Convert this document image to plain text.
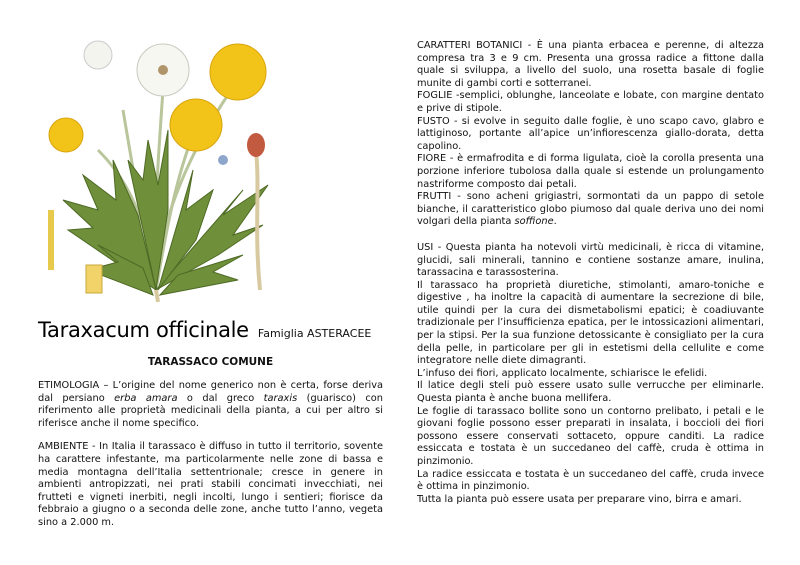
Taraxacum officinale Famiglia ASTERACEE
TARASSACO COMUNE

ETIMOLOGIA – L’origine del nome generico non è certa, forse deriva dal persiano erba amara o dal greco taraxis (guarisco) con riferimento alle proprietà medicinali della pianta, a cui per altro si riferisce anche il nome specifico.

AMBIENTE - In Italia il tarassaco è diffuso in tutto il territorio, sovente ha carattere infestante, ma particolarmente nelle zone di bassa e media montagna dell’Italia settentrionale; cresce in genere in ambienti antropizzati, nei prati stabili concimati invecchiati, nei frutteti e vigneti inerbiti, negli incolti, lungo i sentieri; fiorisce da febbraio a giugno o a seconda delle zone, anche tutto l’anno, vegeta sino a 2.000 m.

CARATTERI BOTANICI - È una pianta erbacea e perenne, di altezza compresa tra 3 e 9 cm. Presenta una grossa radice a fittone dalla quale si sviluppa, a livello del suolo, una rosetta basale di foglie munite di gambi corti e sotterranei.

FOGLIE -semplici, oblunghe, lanceolate e lobate, con margine dentato e prive di stipole.

FUSTO - si evolve in seguito dalle foglie, è uno scapo cavo, glabro e lattiginoso, portante all’apice un’infiorescenza giallo-dorata, detta capolino.

FIORE - è ermafrodita e di forma ligulata, cioè la corolla presenta una porzione inferiore tubolosa dalla quale si estende un prolungamento nastriforme composto dai petali.

FRUTTI - sono acheni grigiastri, sormontati da un pappo di setole bianche, il caratteristico globo piumoso dal quale deriva uno dei nomi volgari della pianta soffione.

USI - Questa pianta ha notevoli virtù medicinali, è ricca di vitamine, glucidi, sali minerali, tannino e contiene sostanze amare, inulina, tarassacina e tarassosterina.

Il tarassaco ha proprietà diuretiche, stimolanti, amaro-toniche e digestive , ha inoltre la capacità di aumentare la secrezione di bile, utile quindi per la cura dei dismetabolismi epatici; è coadiuvante tradizionale per l’insufficienza epatica, per le intossicazioni alimentari, per la stipsi. Per la sua funzione detossicante è consigliato per la cura della pelle, in particolare per gli in estetismi della cellulite e come integratore nelle diete dimagranti.

L’infuso dei fiori, applicato localmente, schiarisce le efelidi.

Il latice degli steli può essere usato sulle verrucche per eliminarle. Questa pianta è anche buona mellifera.

Le foglie di tarassaco bollite sono un contorno prelibato, i petali e le giovani foglie possono esser preparati in insalata, i boccioli dei fiori possono essere conservati sottaceto, oppure canditi. La radice essiccata e tostata è un succedaneo del caffè, cruda è ottima in pinzimonio.

La radice essiccata e tostata è un succedaneo del caffè, cruda invece è ottima in pinzimonio.

Tutta la pianta può essere usata per preparare vino, birra e amari.
